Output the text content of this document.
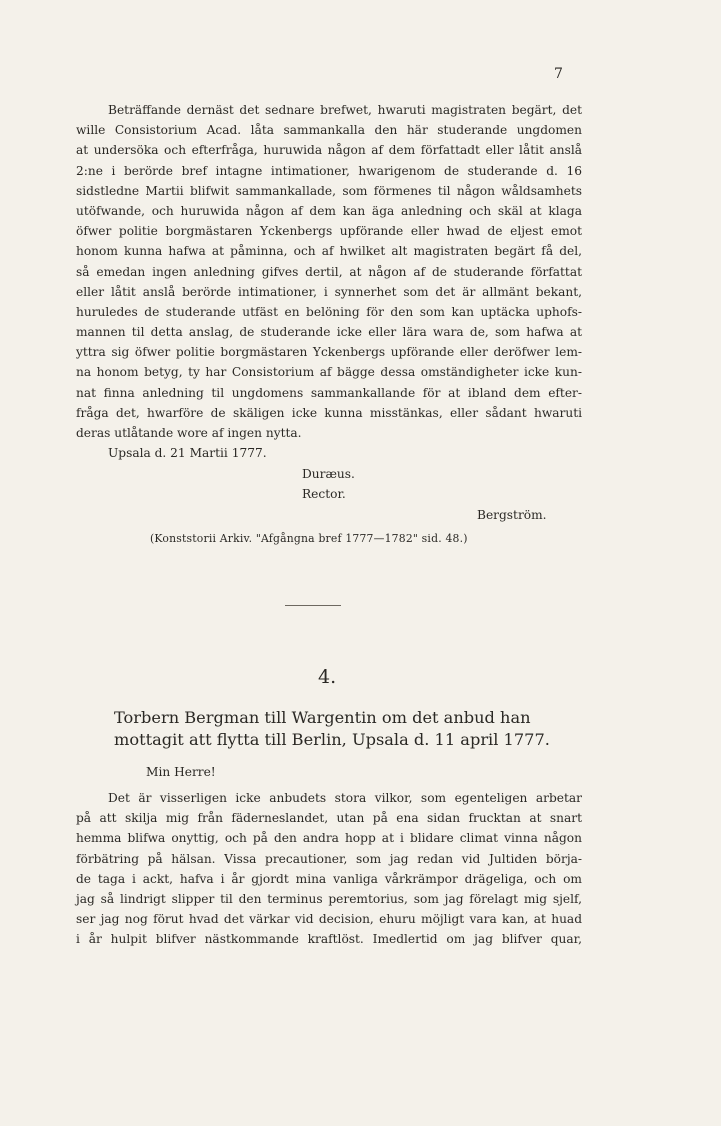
7
Beträffande dernäst det sednare brefwet, hwaruti magistraten begärt, det
wille Consistorium Acad. låta sammankalla den här studerande ungdomen
at undersöka och efterfråga, huruwida någon af dem författadt eller låtit anslå
2:ne i berörde bref intagne intimationer, hwarigenom de studerande d. 16
sidstledne Martii blifwit sammankallade, som förmenes til någon wåldsamhets
utöfwande, och huruwida någon af dem kan äga anledning och skäl at klaga
öfwer politie borgmästaren Yckenbergs upförande eller hwad de eljest emot
honom kunna hafwa at påminna, och af hwilket alt magistraten begärt få del,
så emedan ingen anledning gifves dertil, at någon af de studerande författat
eller låtit anslå berörde intimationer, i synnerhet som det är allmänt bekant,
huruledes de studerande utfäst en belöning för den som kan uptäcka uphofs-
mannen til detta anslag, de studerande icke eller lära wara de, som hafwa at
yttra sig öfwer politie borgmästaren Yckenbergs upförande eller deröfwer lem-
na honom betyg, ty har Consistorium af bägge dessa omständigheter icke kun-
nat finna anledning til ungdomens sammankallande för at ibland dem efter-
fråga det, hwarföre de skäligen icke kunna misstänkas, eller sådant hwaruti
deras utlåtande wore af ingen nytta.
Upsala d. 21 Martii 1777.
Duræus.
Rector.
Bergström.
(Konststorii Arkiv. "Afgångna bref 1777—1782" sid. 48.)
4.
Torbern Bergman till Wargentin om det anbud han
mottagit att flytta till Berlin, Upsala d. 11 april 1777.
Min Herre!
Det är visserligen icke anbudets stora vilkor, som egenteligen arbetar
på att skilja mig från fäderneslandet, utan på ena sidan frucktan at snart
hemma blifwa onyttig, och på den andra hopp at i blidare climat vinna någon
förbätring på hälsan. Vissa precautioner, som jag redan vid Jultiden börja-
de taga i ackt, hafva i år gjordt mina vanliga vårkrämpor drägeliga, och om
jag så lindrigt slipper til den terminus peremtorius, som jag förelagt mig sjelf,
ser jag nog förut hvad det värkar vid decision, ehuru möjligt vara kan, at huad
i år hulpit blifver nästkommande kraftlöst. Imedlertid om jag blifver quar,
